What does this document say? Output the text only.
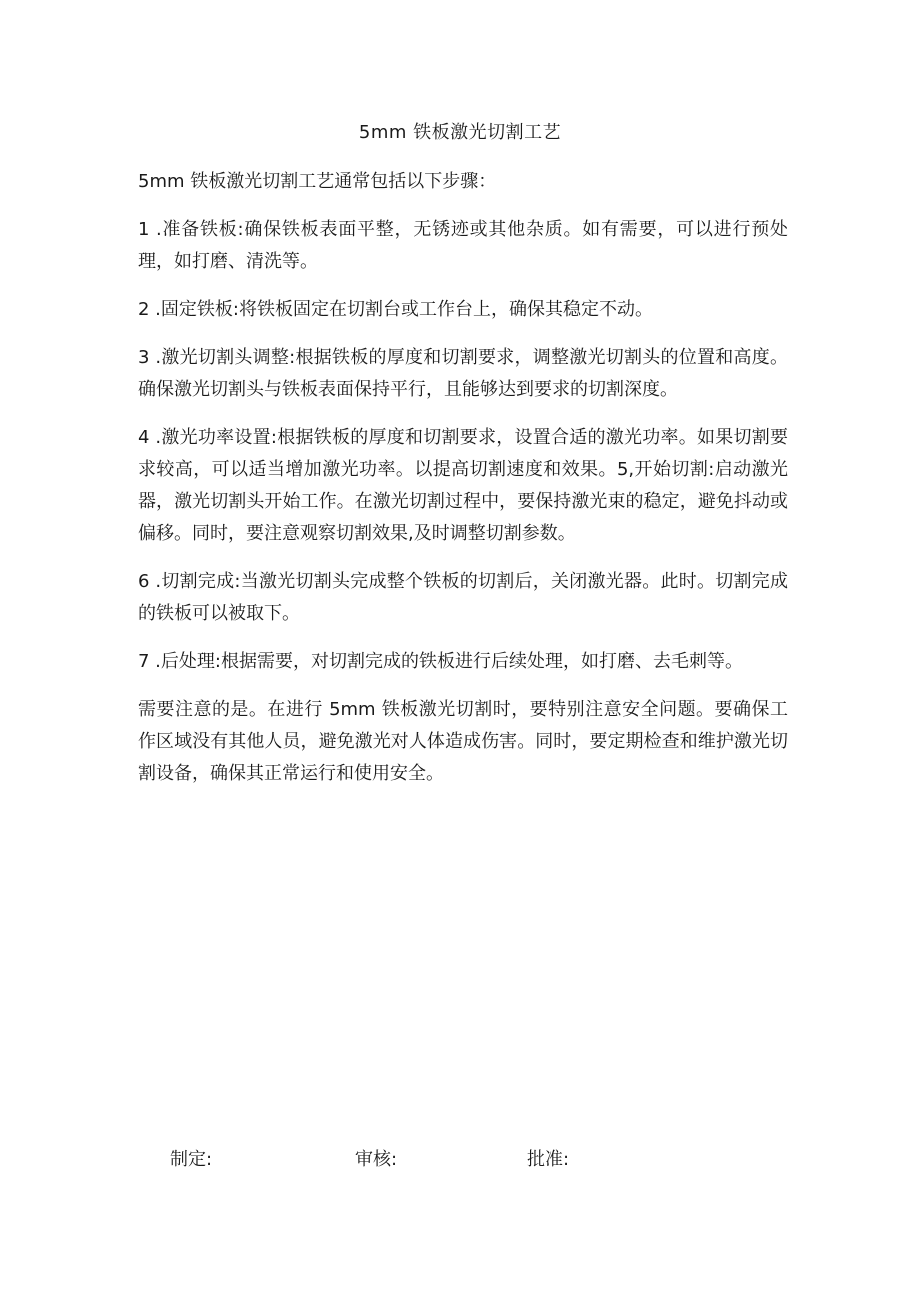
5mm 铁板激光切割工艺

5mm 铁板激光切割工艺通常包括以下步骤：

1 .准备铁板:确保铁板表面平整，无锈迹或其他杂质。如有需要，可以进行预处理，如打磨、清洗等。

2 .固定铁板:将铁板固定在切割台或工作台上，确保其稳定不动。

3 .激光切割头调整:根据铁板的厚度和切割要求，调整激光切割头的位置和高度。确保激光切割头与铁板表面保持平行，且能够达到要求的切割深度。

4 .激光功率设置:根据铁板的厚度和切割要求，设置合适的激光功率。如果切割要求较高，可以适当增加激光功率。以提高切割速度和效果。5,开始切割:启动激光器，激光切割头开始工作。在激光切割过程中，要保持激光束的稳定，避免抖动或偏移。同时，要注意观察切割效果,及时调整切割参数。

6 .切割完成:当激光切割头完成整个铁板的切割后，关闭激光器。此时。切割完成的铁板可以被取下。

7 .后处理:根据需要，对切割完成的铁板进行后续处理，如打磨、去毛刺等。

需要注意的是。在进行 5mm 铁板激光切割时，要特别注意安全问题。要确保工作区域没有其他人员，避免激光对人体造成伤害。同时，要定期检查和维护激光切割设备，确保其正常运行和使用安全。

制定:	审核:	批准:
